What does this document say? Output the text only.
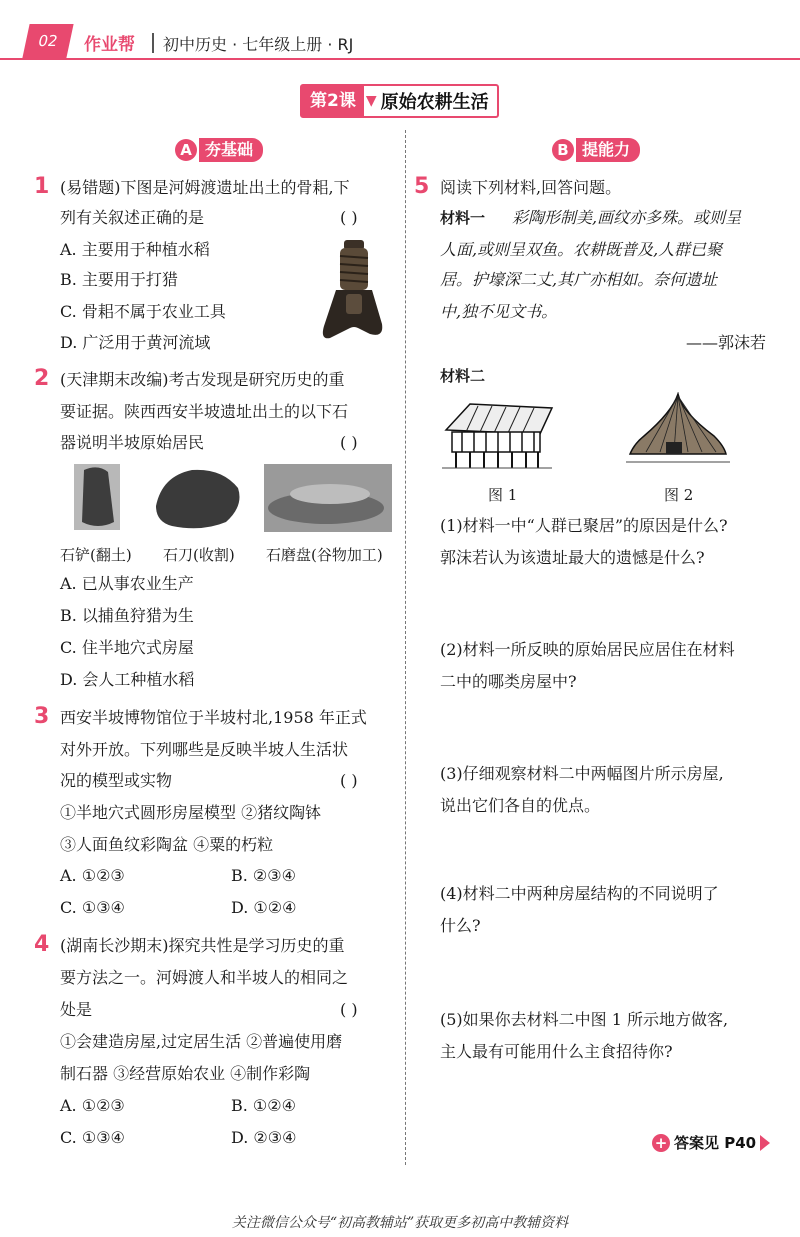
02	作业帮 初中历史 · 七年级上册 · RJ
第2课 ▼ 原始农耕生活
A 夯基础	B 提能力
1 (易错题)下图是河姆渡遗址出土的骨耜,下
列有关叙述正确的是	( )
A. 主要用于种植水稻
B. 主要用于打猎
C. 骨耜不属于农业工具
D. 广泛用于黄河流域
2 (天津期末改编)考古发现是研究历史的重
要证据。陕西西安半坡遗址出土的以下石
器说明半坡原始居民	( )
石铲(翻土) 石刀(收割) 石磨盘(谷物加工)
A. 已从事农业生产
B. 以捕鱼狩猎为生
C. 住半地穴式房屋
D. 会人工种植水稻
3 西安半坡博物馆位于半坡村北,1958 年正式
对外开放。下列哪些是反映半坡人生活状
况的模型或实物	( )
①半地穴式圆形房屋模型 ②猪纹陶钵
③人面鱼纹彩陶盆 ④粟的朽粒
A. ①②③	B. ②③④
C. ①③④	D. ①②④
4 (湖南长沙期末)探究共性是学习历史的重
要方法之一。河姆渡人和半坡人的相同之
处是	( )
①会建造房屋,过定居生活 ②普遍使用磨
制石器 ③经营原始农业 ④制作彩陶
A. ①②③	B. ①②④
C. ①③④	D. ②③④
5 阅读下列材料,回答问题。
材料一 彩陶形制美,画纹亦多殊。或则呈
人面,或则呈双鱼。农耕既普及,人群已聚
居。护壕深二丈,其广亦相如。奈何遗址
中,独不见文书。
——郭沫若
材料二
图 1	图 2
(1)材料一中“人群已聚居”的原因是什么?
郭沫若认为该遗址最大的遗憾是什么?
(2)材料一所反映的原始居民应居住在材料
二中的哪类房屋中?
(3)仔细观察材料二中两幅图片所示房屋,
说出它们各自的优点。
(4)材料二中两种房屋结构的不同说明了
什么?
(5)如果你去材料二中图 1 所示地方做客,
主人最有可能用什么主食招待你?
+ 答案见 P40
关注微信公众号“初高教辅站”获取更多初高中教辅资料
